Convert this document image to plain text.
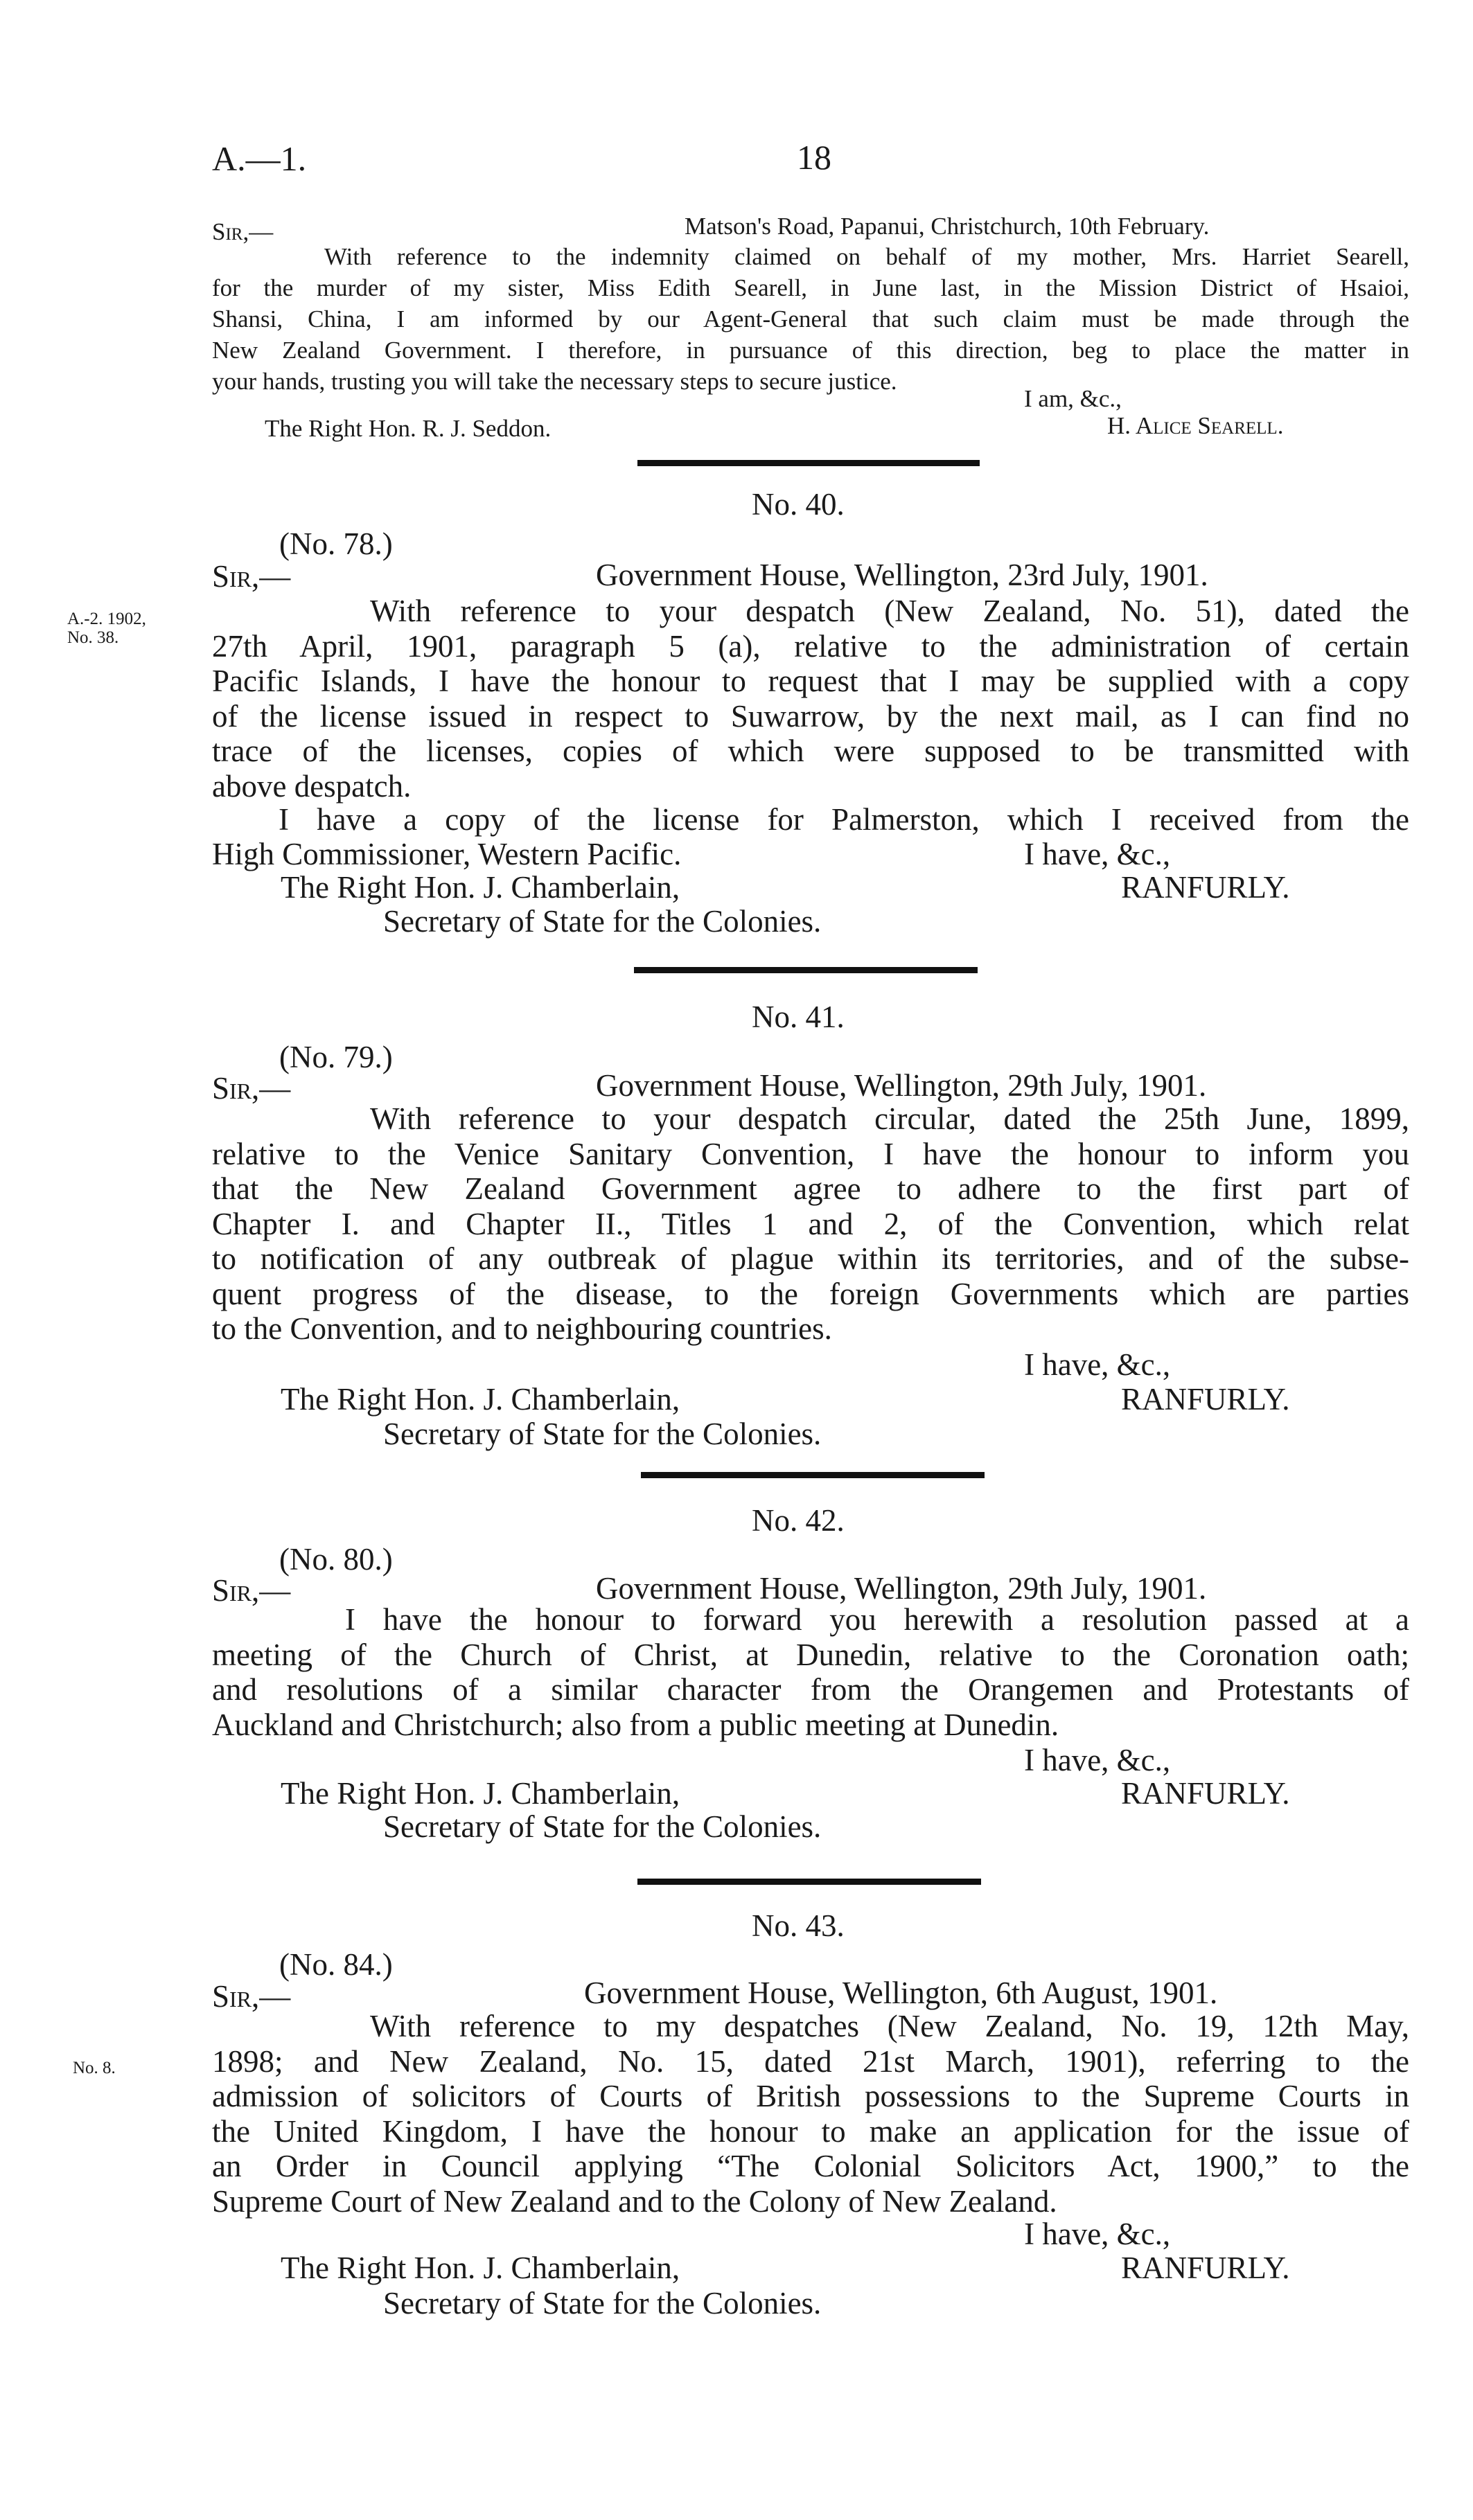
A.—1.	18
Sir,—	Matson's Road, Papanui, Christchurch, 10th February.
With reference to the indemnity claimed on behalf of my mother, Mrs. Harriet Searell,
for the murder of my sister, Miss Edith Searell, in June last, in the Mission District of Hsaioi,
Shansi, China, I am informed by our Agent-General that such claim must be made through the
New Zealand Government. I therefore, in pursuance of this direction, beg to place the matter in
your hands, trusting you will take the necessary steps to secure justice.
I am, &c.,
The Right Hon. R. J. Seddon.	H. Alice Searell.
No. 40.
(No. 78.)
Sir,—	Government House, Wellington, 23rd July, 1901.
A.-2. 1902,
No. 38.
With reference to your despatch (New Zealand, No. 51), dated the
27th April, 1901, paragraph 5 (a), relative to the administration of certain
Pacific Islands, I have the honour to request that I may be supplied with a copy
of the license issued in respect to Suwarrow, by the next mail, as I can find no
trace of the licenses, copies of which were supposed to be transmitted with
above despatch.
I have a copy of the license for Palmerston, which I received from the
High Commissioner, Western Pacific.	I have, &c.,
The Right Hon. J. Chamberlain,	RANFURLY.
Secretary of State for the Colonies.
No. 41.
(No. 79.)
Sir,—	Government House, Wellington, 29th July, 1901.
With reference to your despatch circular, dated the 25th June, 1899,
relative to the Venice Sanitary Convention, I have the honour to inform you
that the New Zealand Government agree to adhere to the first part of
Chapter I. and Chapter II., Titles 1 and 2, of the Convention, which relat
to notification of any outbreak of plague within its territories, and of the subse-
quent progress of the disease, to the foreign Governments which are parties
to the Convention, and to neighbouring countries.
I have, &c.,
The Right Hon. J. Chamberlain,	RANFURLY.
Secretary of State for the Colonies.
No. 42.
(No. 80.)
Sir,—	Government House, Wellington, 29th July, 1901.
I have the honour to forward you herewith a resolution passed at a
meeting of the Church of Christ, at Dunedin, relative to the Coronation oath;
and resolutions of a similar character from the Orangemen and Protestants of
Auckland and Christchurch; also from a public meeting at Dunedin.
I have, &c.,
The Right Hon. J. Chamberlain,	RANFURLY.
Secretary of State for the Colonies.
No. 43.
(No. 84.)
Sir,—	Government House, Wellington, 6th August, 1901.
No. 8.
With reference to my despatches (New Zealand, No. 19, 12th May,
1898; and New Zealand, No. 15, dated 21st March, 1901), referring to the
admission of solicitors of Courts of British possessions to the Supreme Courts in
the United Kingdom, I have the honour to make an application for the issue of
an Order in Council applying “The Colonial Solicitors Act, 1900,” to the
Supreme Court of New Zealand and to the Colony of New Zealand.
I have, &c.,
The Right Hon. J. Chamberlain,	RANFURLY.
Secretary of State for the Colonies.
